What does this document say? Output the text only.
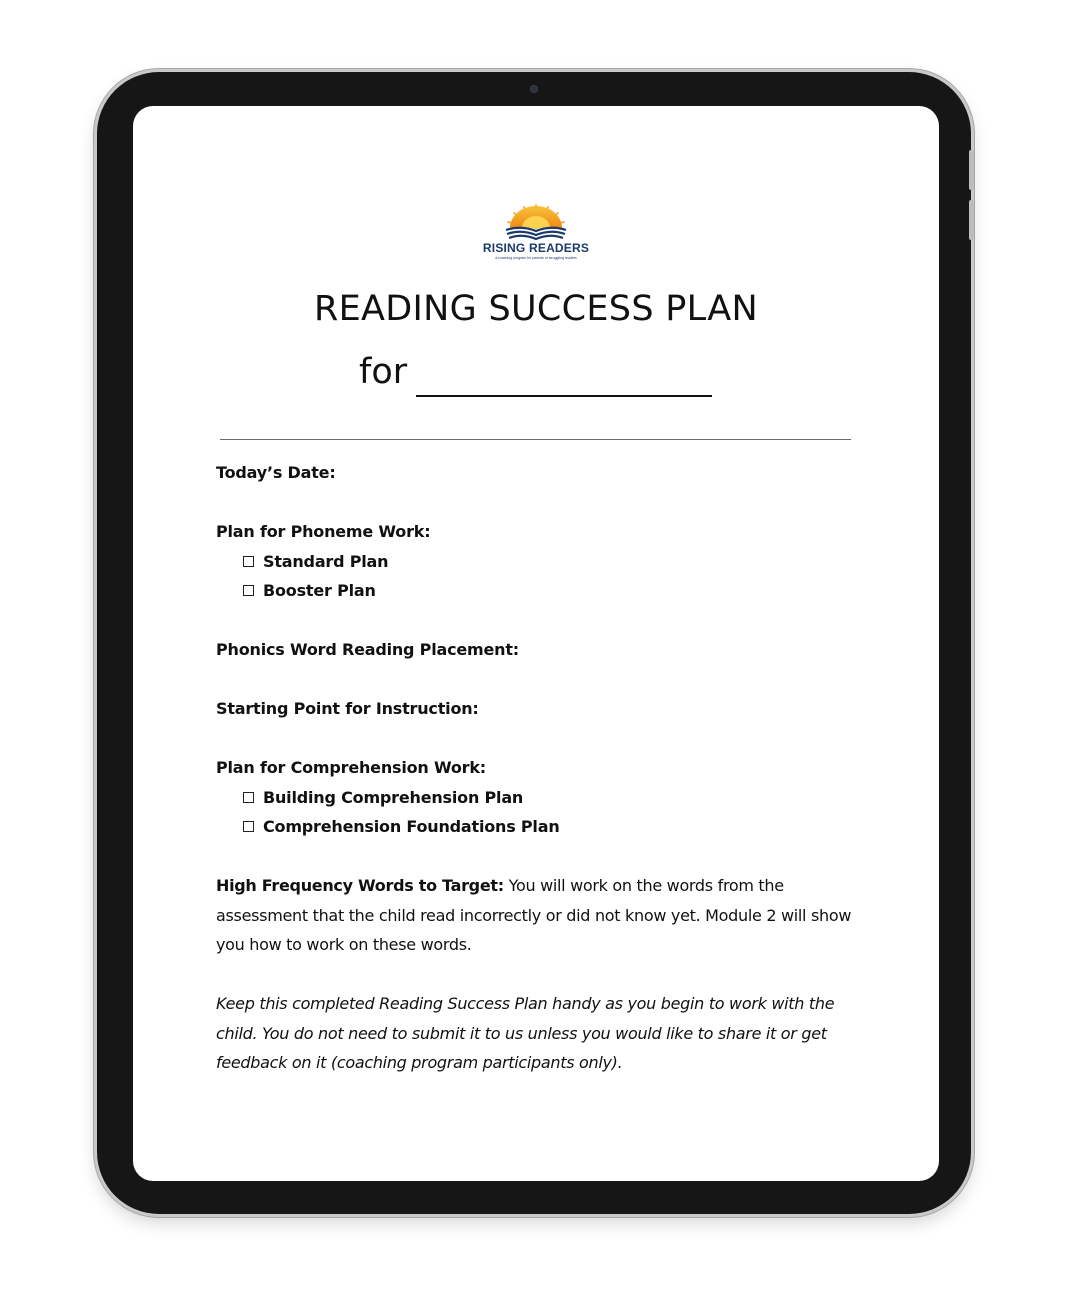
RISING READERS
a coaching program for parents of struggling readers
READING SUCCESS PLAN
for

Today’s Date:

Plan for Phoneme Work:

Standard Plan
Booster Plan

Phonics Word Reading Placement:

Starting Point for Instruction:

Plan for Comprehension Work:

Building Comprehension Plan
Comprehension Foundations Plan

High Frequency Words to Target: You will work on the words from the assessment that the child read incorrectly or did not know yet. Module 2 will show you how to work on these words.

Keep this completed Reading Success Plan handy as you begin to work with the child. You do not need to submit it to us unless you would like to share it or get feedback on it (coaching program participants only).
